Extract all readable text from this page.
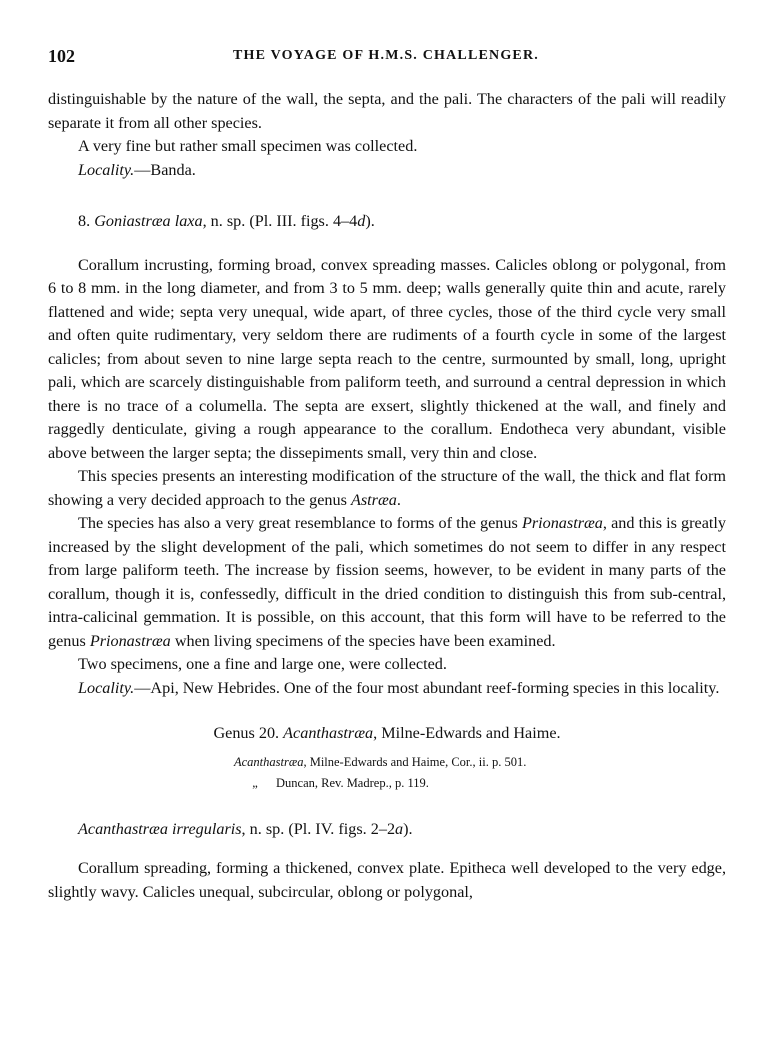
102	THE VOYAGE OF H.M.S. CHALLENGER.

distinguishable by the nature of the wall, the septa, and the pali. The characters of the pali will readily separate it from all other species.

A very fine but rather small specimen was collected.

Locality.—Banda.

8. Goniastræa laxa, n. sp. (Pl. III. figs. 4–4d).

Corallum incrusting, forming broad, convex spreading masses. Calicles oblong or polygonal, from 6 to 8 mm. in the long diameter, and from 3 to 5 mm. deep; walls generally quite thin and acute, rarely flattened and wide; septa very unequal, wide apart, of three cycles, those of the third cycle very small and often quite rudimentary, very seldom there are rudiments of a fourth cycle in some of the largest calicles; from about seven to nine large septa reach to the centre, surmounted by small, long, upright pali, which are scarcely distinguishable from paliform teeth, and surround a central depression in which there is no trace of a columella. The septa are exsert, slightly thickened at the wall, and finely and raggedly denticulate, giving a rough appearance to the corallum. Endotheca very abundant, visible above between the larger septa; the dissepiments small, very thin and close.

This species presents an interesting modification of the structure of the wall, the thick and flat form showing a very decided approach to the genus Astræa.

The species has also a very great resemblance to forms of the genus Prionastræa, and this is greatly increased by the slight development of the pali, which sometimes do not seem to differ in any respect from large paliform teeth. The increase by fission seems, however, to be evident in many parts of the corallum, though it is, confessedly, difficult in the dried condition to distinguish this from sub-central, intra-calicinal gemmation. It is possible, on this account, that this form will have to be referred to the genus Prionastræa when living specimens of the species have been examined.

Two specimens, one a fine and large one, were collected.

Locality.—Api, New Hebrides. One of the four most abundant reef-forming species in this locality.

Genus 20. Acanthastræa, Milne-Edwards and Haime.

Acanthastræa, Milne-Edwards and Haime, Cor., ii. p. 501.
„ Duncan, Rev. Madrep., p. 119.

Acanthastræa irregularis, n. sp. (Pl. IV. figs. 2–2a).

Corallum spreading, forming a thickened, convex plate. Epitheca well developed to the very edge, slightly wavy. Calicles unequal, subcircular, oblong or polygonal,
